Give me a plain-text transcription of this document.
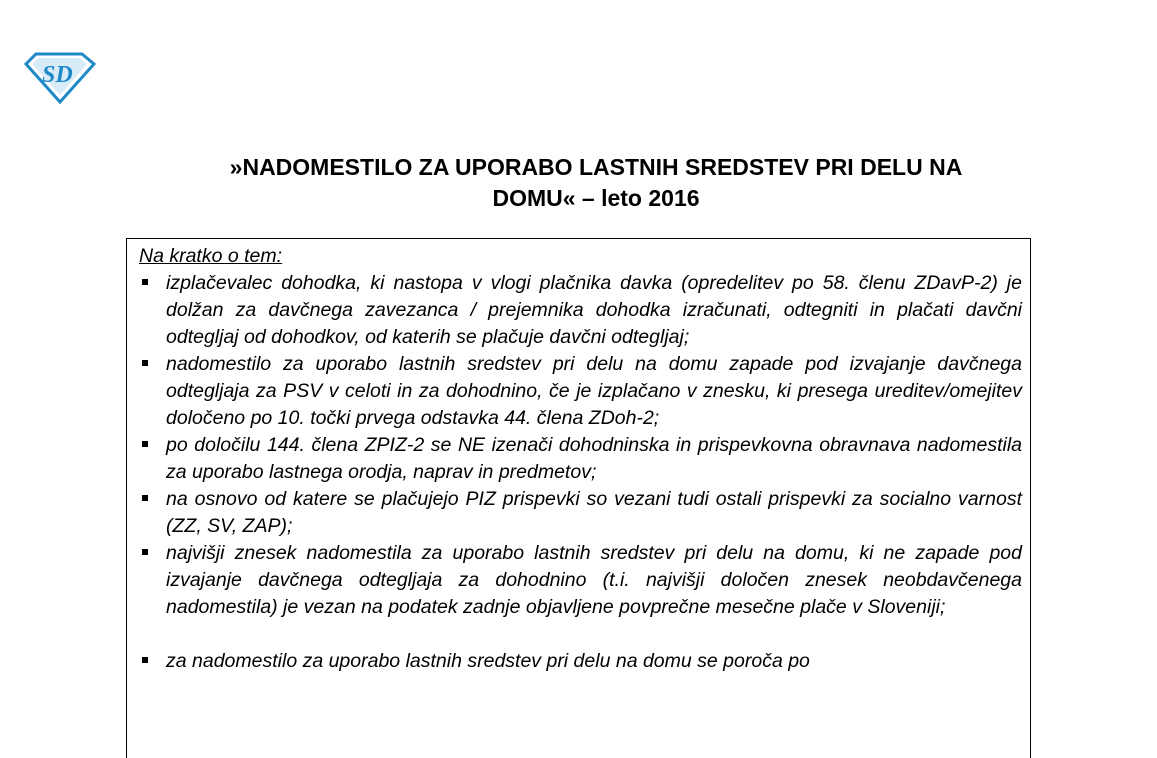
SD
»NADOMESTILO ZA UPORABO LASTNIH SREDSTEV PRI DELU NA
DOMU« – leto 2016
Na kratko o tem:
izplačevalec dohodka, ki nastopa v vlogi plačnika davka (opredelitev po 58. členu ZDavP-2) je dolžan za davčnega zavezanca / prejemnika dohodka izračunati, odtegniti in plačati davčni odtegljaj od dohodkov, od katerih se plačuje davčni odtegljaj;
nadomestilo za uporabo lastnih sredstev pri delu na domu zapade pod izvajanje davčnega odtegljaja za PSV v celoti in za dohodnino, če je izplačano v znesku, ki presega ureditev/omejitev določeno po 10. točki prvega odstavka 44. člena ZDoh-2;
po določilu 144. člena ZPIZ-2 se NE izenači dohodninska in prispevkovna obravnava nadomestila za uporabo lastnega orodja, naprav in predmetov;
na osnovo od katere se plačujejo PIZ prispevki so vezani tudi ostali prispevki za socialno varnost (ZZ, SV, ZAP);
najvišji znesek nadomestila za uporabo lastnih sredstev pri delu na domu, ki ne zapade pod izvajanje davčnega odtegljaja za dohodnino (t.i. najvišji določen znesek neobdavčenega nadomestila) je vezan na podatek zadnje objavljene povprečne mesečne plače v Sloveniji;
za nadomestilo za uporabo lastnih sredstev pri delu na domu se poroča po
